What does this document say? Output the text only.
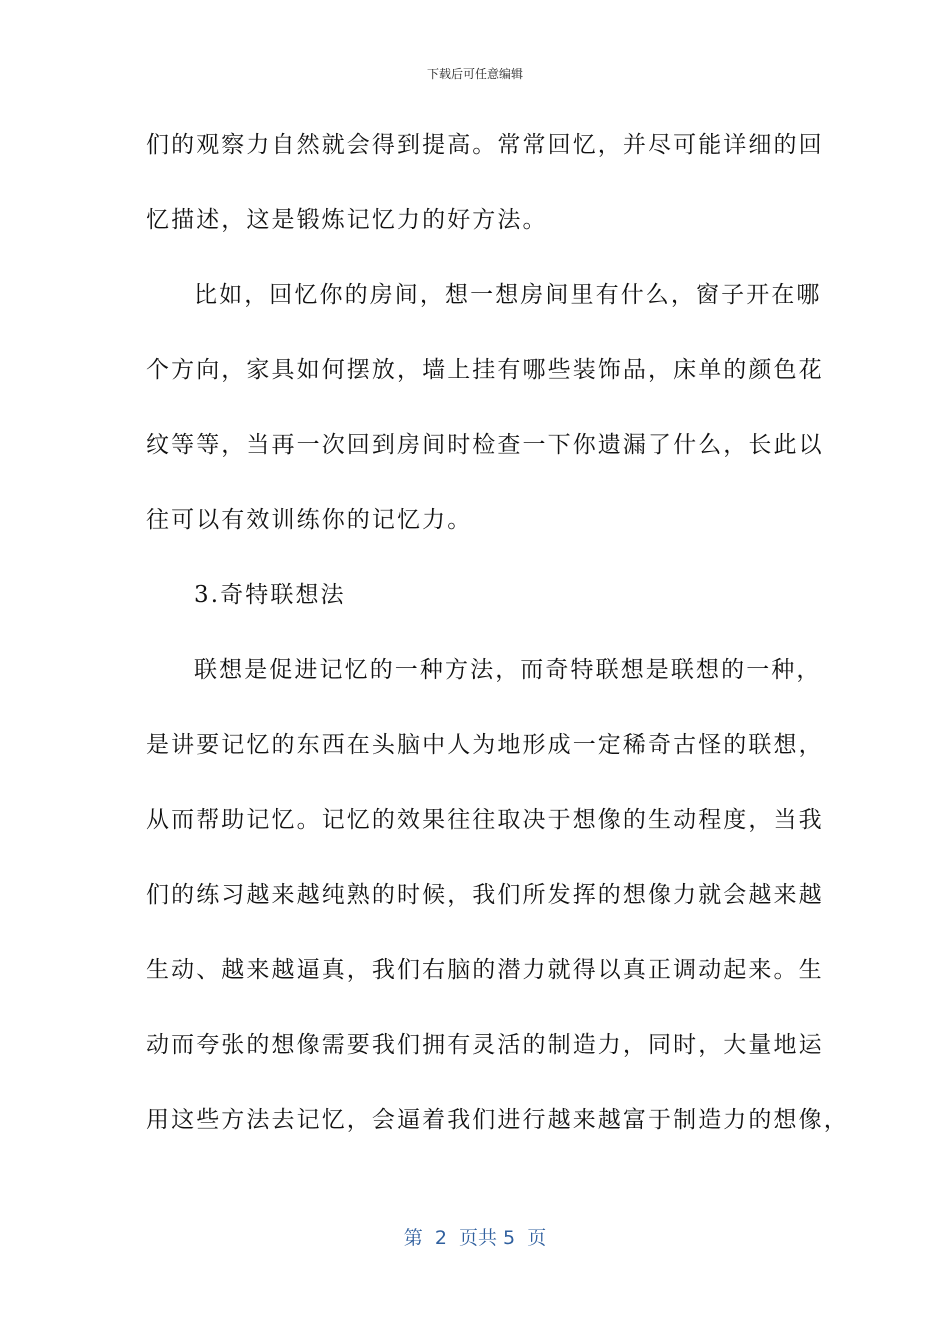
下载后可任意编辑
们的观察力自然就会得到提高。常常回忆，并尽可能详细的回
忆描述，这是锻炼记忆力的好方法。
比如，回忆你的房间，想一想房间里有什么，窗子开在哪
个方向，家具如何摆放，墙上挂有哪些装饰品，床单的颜色花
纹等等，当再一次回到房间时检查一下你遗漏了什么，长此以
往可以有效训练你的记忆力。
3.奇特联想法
联想是促进记忆的一种方法，而奇特联想是联想的一种，
是讲要记忆的东西在头脑中人为地形成一定稀奇古怪的联想，
从而帮助记忆。记忆的效果往往取决于想像的生动程度，当我
们的练习越来越纯熟的时候，我们所发挥的想像力就会越来越
生动、越来越逼真，我们右脑的潜力就得以真正调动起来。生
动而夸张的想像需要我们拥有灵活的制造力，同时，大量地运
用这些方法去记忆，会逼着我们进行越来越富于制造力的想像，
第  2  页共 5  页
